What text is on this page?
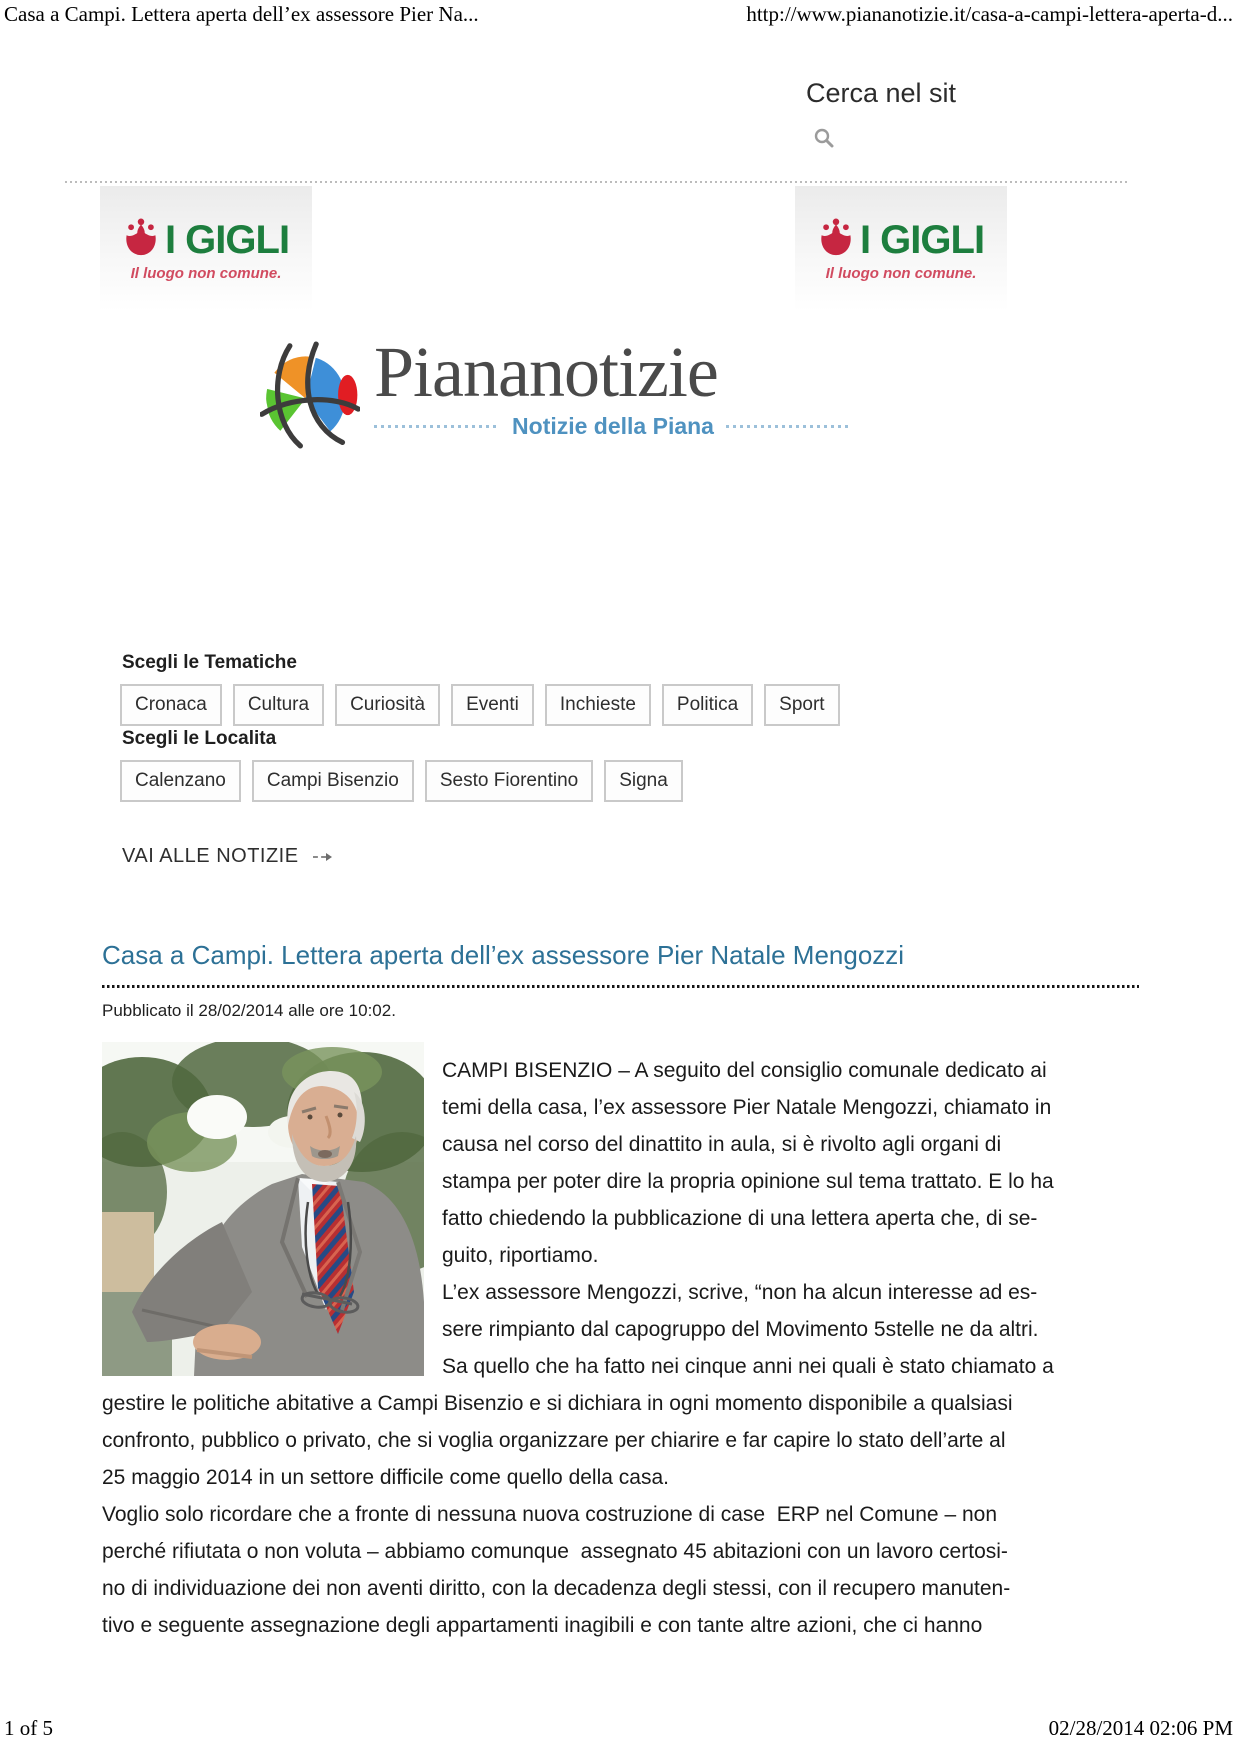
Casa a Campi. Lettera aperta dell’ex assessore Pier Na...	http://www.piananotizie.it/casa-a-campi-lettera-aperta-d...
Cerca nel sit
I GIGLI
Il luogo non comune.
I GIGLI
Il luogo non comune.
Piananotizie
Notizie della Piana
Scegli le Tematiche
Cronaca	Cultura	Curiosità	Eventi	Inchieste	Politica	Sport
Scegli le Localita
Calenzano	Campi Bisenzio	Sesto Fiorentino	Signa
VAI ALLE NOTIZIE
Casa a Campi. Lettera aperta dell’ex assessore Pier Natale Mengozzi
Pubblicato il 28/02/2014 alle ore 10:02.
CAMPI BISENZIO – A seguito del consiglio comunale dedicato ai
temi della casa, l’ex assessore Pier Natale Mengozzi, chiamato in
causa nel corso del dinattito in aula, si è rivolto agli organi di
stampa per poter dire la propria opinione sul tema trattato. E lo ha
fatto chiedendo la pubblicazione di una lettera aperta che, di se-
guito, riportiamo.
L’ex assessore Mengozzi, scrive, “non ha alcun interesse ad es-
sere rimpianto dal capogruppo del Movimento 5stelle ne da altri.
Sa quello che ha fatto nei cinque anni nei quali è stato chiamato a
gestire le politiche abitative a Campi Bisenzio e si dichiara in ogni momento disponibile a qualsiasi
confronto, pubblico o privato, che si voglia organizzare per chiarire e far capire lo stato dell’arte al
25 maggio 2014 in un settore difficile come quello della casa.
Voglio solo ricordare che a fronte di nessuna nuova costruzione di case  ERP nel Comune – non
perché rifiutata o non voluta – abbiamo comunque  assegnato 45 abitazioni con un lavoro certosi-
no di individuazione dei non aventi diritto, con la decadenza degli stessi, con il recupero manuten-
tivo e seguente assegnazione degli appartamenti inagibili e con tante altre azioni, che ci hanno
1 of 5	02/28/2014 02:06 PM
